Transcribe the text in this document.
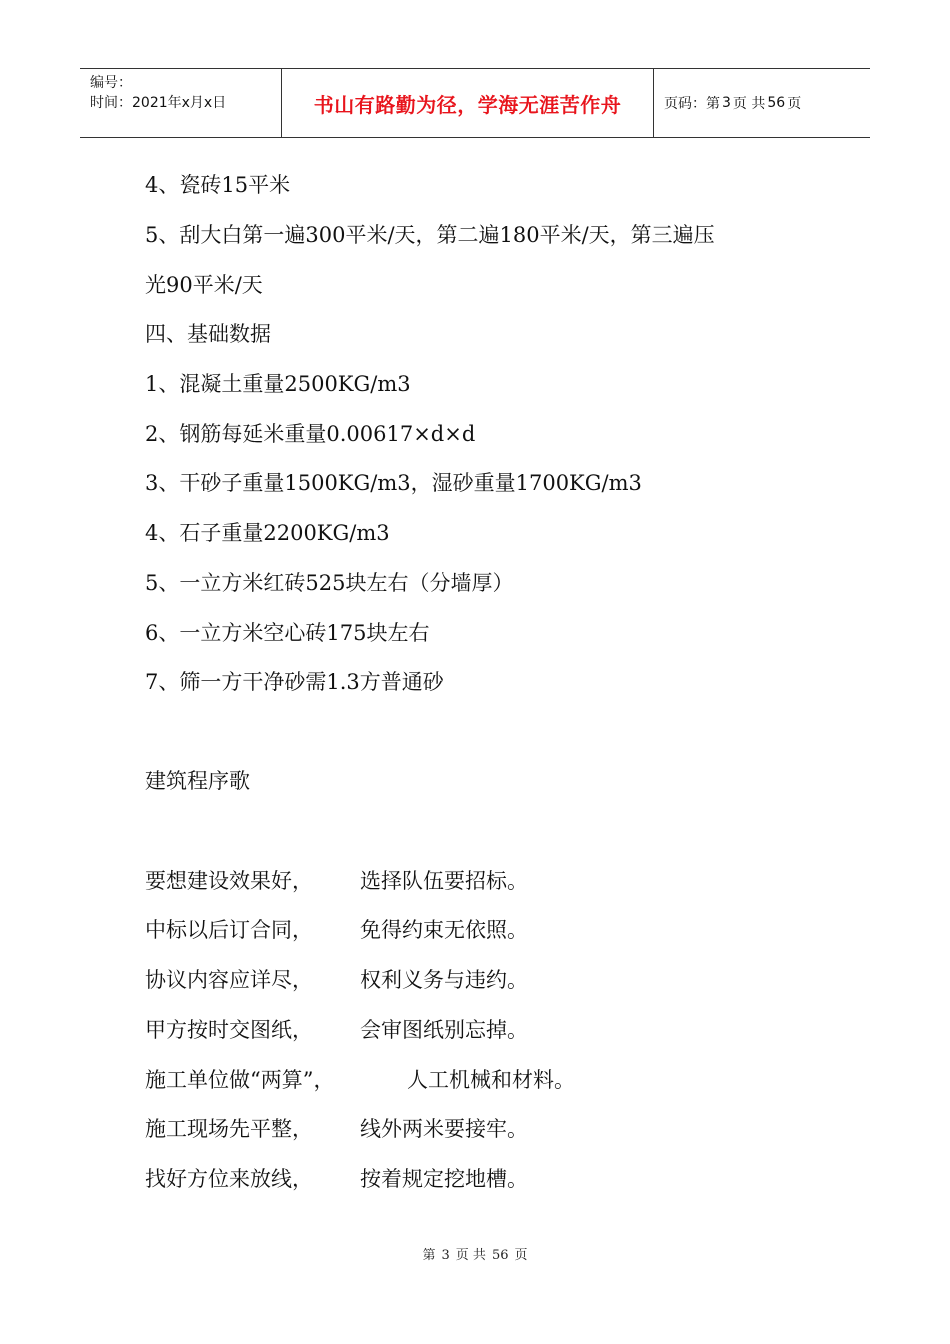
编号：
时间：2021年x月x日	书山有路勤为径，学海无涯苦作舟	页码：第 3 页 共 56 页
4、瓷砖15平米
5、刮大白第一遍300平米/天，第二遍180平米/天，第三遍压
光90平米/天
四、基础数据
1、混凝土重量2500KG/m3
2、钢筋每延米重量0.00617×d×d
3、干砂子重量1500KG/m3，湿砂重量1700KG/m3
4、石子重量2200KG/m3
5、一立方米红砖525块左右（分墙厚）
6、一立方米空心砖175块左右
7、筛一方干净砂需1.3方普通砂
建筑程序歌
要想建设效果好， 选择队伍要招标。
中标以后订合同， 免得约束无依照。
协议内容应详尽， 权利义务与违约。
甲方按时交图纸， 会审图纸别忘掉。
施工单位做“两算”，	人工机械和材料。
施工现场先平整， 线外两米要接牢。
找好方位来放线， 按着规定挖地槽。
第 3 页 共 56 页
